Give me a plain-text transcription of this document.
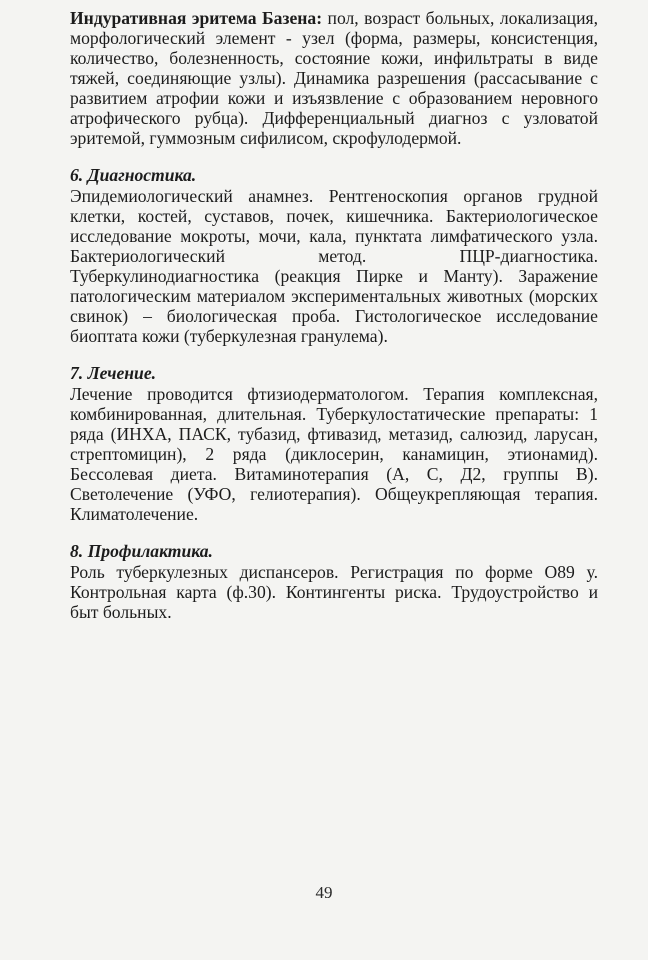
Индуративная эритема Базена: пол, возраст больных, локализация, морфологический элемент - узел (форма, размеры, консистенция, количество, болезненность, состояние кожи, инфильтраты в виде тяжей, соединяющие узлы). Динамика разрешения (рассасывание с развитием атрофии кожи и изъязвление с образованием неровного атрофического рубца). Дифференциальный диагноз с узловатой эритемой, гуммозным сифилисом, скрофулодермой.

6. Диагностика.

Эпидемиологический анамнез. Рентгеноскопия органов грудной клетки, костей, суставов, почек, кишечника. Бактериологическое исследование мокроты, мочи, кала, пунктата лимфатического узла. Бактериологический метод. ПЦР-диагностика. Туберкулинодиагностика (реакция Пирке и Манту). Заражение патологическим материалом экспериментальных животных (морских свинок) – биологическая проба. Гистологическое исследование биоптата кожи (туберкулезная гранулема).

7. Лечение.

Лечение проводится фтизиодерматологом. Терапия комплексная, комбинированная, длительная. Туберкулостатические препараты: 1 ряда (ИНХА, ПАСК, тубазид, фтивазид, метазид, салюзид, ларусан, стрептомицин), 2 ряда (диклосерин, канамицин, этионамид). Бессолевая диета. Витаминотерапия (А, С, Д2, группы В). Светолечение (УФО, гелиотерапия). Общеукрепляющая терапия. Климатолечение.

8. Профилактика.

Роль туберкулезных диспансеров. Регистрация по форме О89 у. Контрольная карта (ф.30). Контингенты риска. Трудоустройство и быт больных.

49
